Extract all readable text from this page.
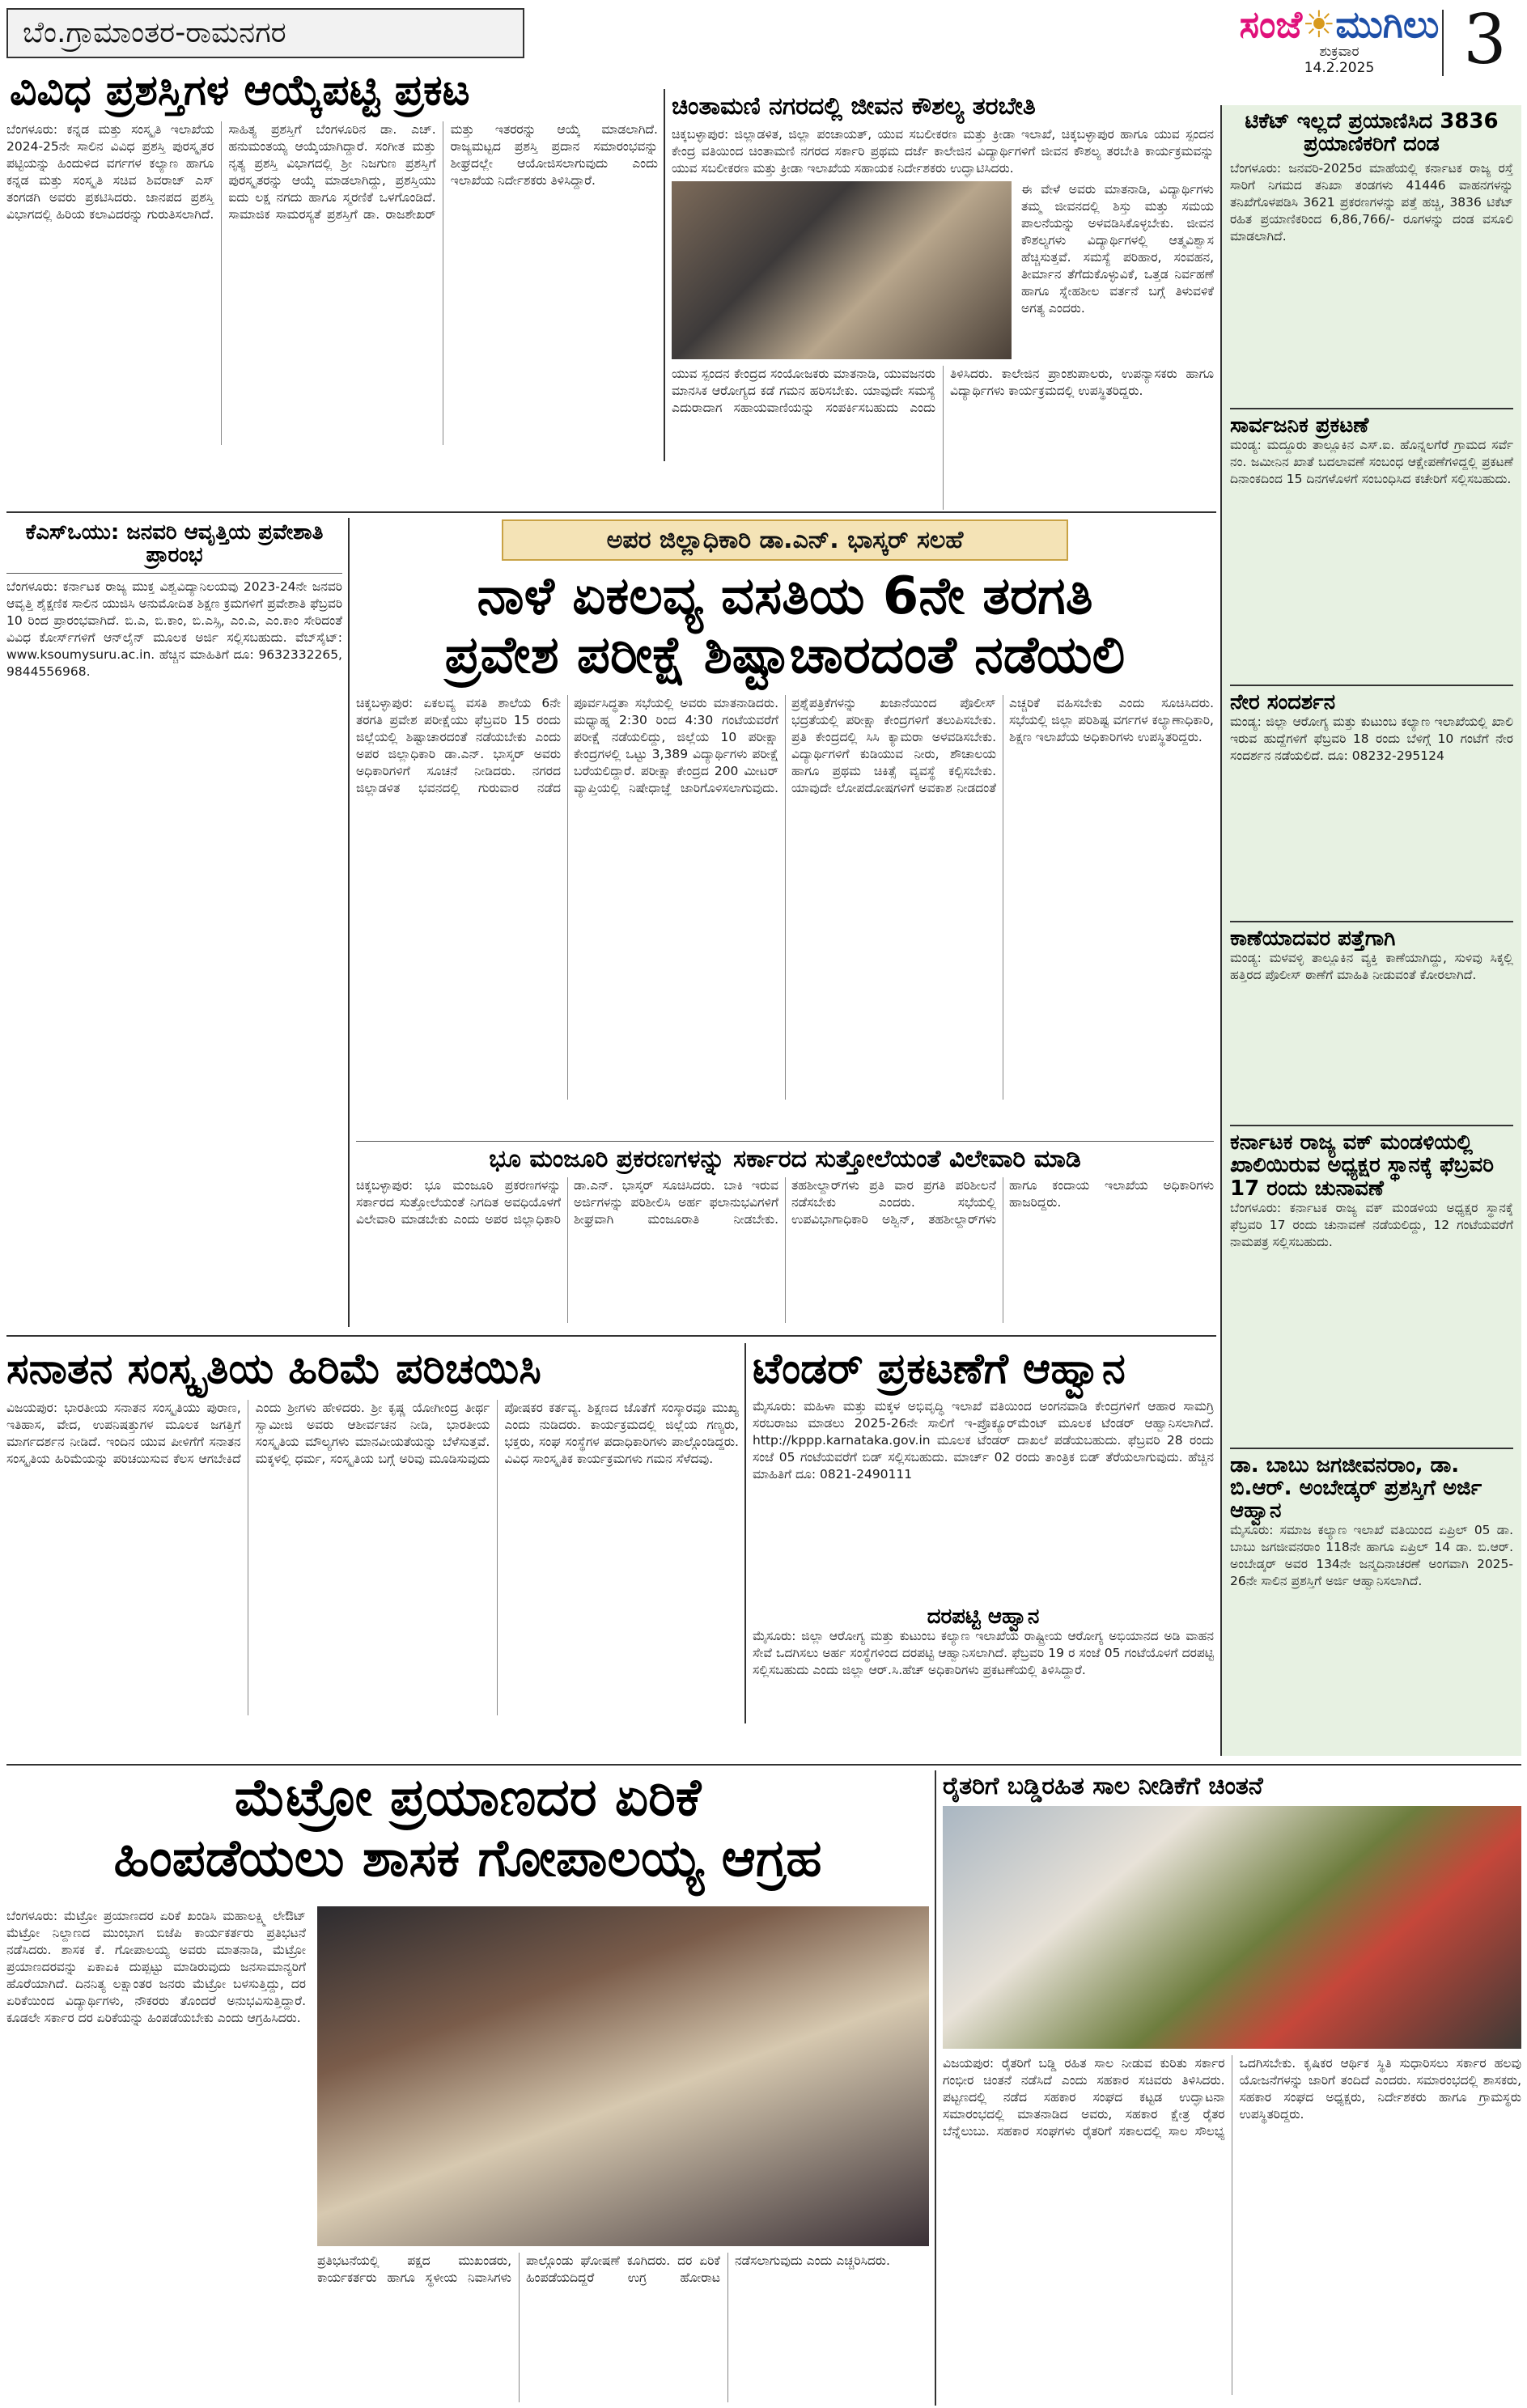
ಬೆಂ.ಗ್ರಾಮಾಂತರ-ರಾಮನಗರ	ಸಂಜೆ☀ಮುಗಿಲು
ಶುಕ್ರವಾರ
14.2.2025	3
ವಿವಿಧ ಪ್ರಶಸ್ತಿಗಳ ಆಯ್ಕೆಪಟ್ಟಿ ಪ್ರಕಟ
ಬೆಂಗಳೂರು: ಕನ್ನಡ ಮತ್ತು ಸಂಸ್ಕೃತಿ ಇಲಾಖೆಯ 2024-25ನೇ ಸಾಲಿನ ವಿವಿಧ ಪ್ರಶಸ್ತಿ ಪುರಸ್ಕೃತರ ಪಟ್ಟಿಯನ್ನು ಹಿಂದುಳಿದ ವರ್ಗಗಳ ಕಲ್ಯಾಣ ಹಾಗೂ ಕನ್ನಡ ಮತ್ತು ಸಂಸ್ಕೃತಿ ಸಚಿವ ಶಿವರಾಜ್ ಎಸ್ ತಂಗಡಗಿ ಅವರು ಪ್ರಕಟಿಸಿದರು. ಜಾನಪದ ಪ್ರಶಸ್ತಿ ವಿಭಾಗದಲ್ಲಿ ಹಿರಿಯ ಕಲಾವಿದರನ್ನು ಗುರುತಿಸಲಾಗಿದೆ. ಸಾಹಿತ್ಯ ಪ್ರಶಸ್ತಿಗೆ ಬೆಂಗಳೂರಿನ ಡಾ. ಎಚ್. ಹನುಮಂತಯ್ಯ ಆಯ್ಕೆಯಾಗಿದ್ದಾರೆ. ಸಂಗೀತ ಮತ್ತು ನೃತ್ಯ ಪ್ರಶಸ್ತಿ ವಿಭಾಗದಲ್ಲಿ ಶ್ರೀ ನಿಜಗುಣ ಪ್ರಶಸ್ತಿಗೆ ಪುರಸ್ಕೃತರನ್ನು ಆಯ್ಕೆ ಮಾಡಲಾಗಿದ್ದು, ಪ್ರಶಸ್ತಿಯು ಐದು ಲಕ್ಷ ನಗದು ಹಾಗೂ ಸ್ಮರಣಿಕೆ ಒಳಗೊಂಡಿದೆ. ಸಾಮಾಜಿಕ ಸಾಮರಸ್ಯತೆ ಪ್ರಶಸ್ತಿಗೆ ಡಾ. ರಾಜಶೇಖರ್ ಮತ್ತು ಇತರರನ್ನು ಆಯ್ಕೆ ಮಾಡಲಾಗಿದೆ. ರಾಜ್ಯಮಟ್ಟದ ಪ್ರಶಸ್ತಿ ಪ್ರದಾನ ಸಮಾರಂಭವನ್ನು ಶೀಘ್ರದಲ್ಲೇ ಆಯೋಜಿಸಲಾಗುವುದು ಎಂದು ಇಲಾಖೆಯ ನಿರ್ದೇಶಕರು ತಿಳಿಸಿದ್ದಾರೆ.
ಚಿಂತಾಮಣಿ ನಗರದಲ್ಲಿ ಜೀವನ ಕೌಶಲ್ಯ ತರಬೇತಿ
ಚಿಕ್ಕಬಳ್ಳಾಪುರ: ಜಿಲ್ಲಾಡಳಿತ, ಜಿಲ್ಲಾ ಪಂಚಾಯತ್, ಯುವ ಸಬಲೀಕರಣ ಮತ್ತು ಕ್ರೀಡಾ ಇಲಾಖೆ, ಚಿಕ್ಕಬಳ್ಳಾಪುರ ಹಾಗೂ ಯುವ ಸ್ಪಂದನ ಕೇಂದ್ರ ವತಿಯಿಂದ ಚಿಂತಾಮಣಿ ನಗರದ ಸರ್ಕಾರಿ ಪ್ರಥಮ ದರ್ಜೆ ಕಾಲೇಜಿನ ವಿದ್ಯಾರ್ಥಿಗಳಿಗೆ ಜೀವನ ಕೌಶಲ್ಯ ತರಬೇತಿ ಕಾರ್ಯಕ್ರಮವನ್ನು ಯುವ ಸಬಲೀಕರಣ ಮತ್ತು ಕ್ರೀಡಾ ಇಲಾಖೆಯ ಸಹಾಯಕ ನಿರ್ದೇಶಕರು ಉದ್ಘಾಟಿಸಿದರು.
ಈ ವೇಳೆ ಅವರು ಮಾತನಾಡಿ, ವಿದ್ಯಾರ್ಥಿಗಳು ತಮ್ಮ ಜೀವನದಲ್ಲಿ ಶಿಸ್ತು ಮತ್ತು ಸಮಯ ಪಾಲನೆಯನ್ನು ಅಳವಡಿಸಿಕೊಳ್ಳಬೇಕು. ಜೀವನ ಕೌಶಲ್ಯಗಳು ವಿದ್ಯಾರ್ಥಿಗಳಲ್ಲಿ ಆತ್ಮವಿಶ್ವಾಸ ಹೆಚ್ಚಿಸುತ್ತವೆ. ಸಮಸ್ಯೆ ಪರಿಹಾರ, ಸಂವಹನ, ತೀರ್ಮಾನ ತೆಗೆದುಕೊಳ್ಳುವಿಕೆ, ಒತ್ತಡ ನಿರ್ವಹಣೆ ಹಾಗೂ ಸ್ನೇಹಶೀಲ ವರ್ತನೆ ಬಗ್ಗೆ ತಿಳುವಳಿಕೆ ಅಗತ್ಯ ಎಂದರು.
ಯುವ ಸ್ಪಂದನ ಕೇಂದ್ರದ ಸಂಯೋಜಕರು ಮಾತನಾಡಿ, ಯುವಜನರು ಮಾನಸಿಕ ಆರೋಗ್ಯದ ಕಡೆ ಗಮನ ಹರಿಸಬೇಕು. ಯಾವುದೇ ಸಮಸ್ಯೆ ಎದುರಾದಾಗ ಸಹಾಯವಾಣಿಯನ್ನು ಸಂಪರ್ಕಿಸಬಹುದು ಎಂದು ತಿಳಿಸಿದರು. ಕಾಲೇಜಿನ ಪ್ರಾಂಶುಪಾಲರು, ಉಪನ್ಯಾಸಕರು ಹಾಗೂ ವಿದ್ಯಾರ್ಥಿಗಳು ಕಾರ್ಯಕ್ರಮದಲ್ಲಿ ಉಪಸ್ಥಿತರಿದ್ದರು.
ಟಿಕೆಟ್ ಇಲ್ಲದೆ ಪ್ರಯಾಣಿಸಿದ 3836 ಪ್ರಯಾಣಿಕರಿಗೆ ದಂಡ
ಬೆಂಗಳೂರು: ಜನವರಿ-2025ರ ಮಾಹೆಯಲ್ಲಿ ಕರ್ನಾಟಕ ರಾಜ್ಯ ರಸ್ತೆ ಸಾರಿಗೆ ನಿಗಮದ ತನಿಖಾ ತಂಡಗಳು 41446 ವಾಹನಗಳನ್ನು ತನಿಖೆಗೊಳಪಡಿಸಿ 3621 ಪ್ರಕರಣಗಳನ್ನು ಪತ್ತೆ ಹಚ್ಚಿ, 3836 ಟಿಕೆಟ್ ರಹಿತ ಪ್ರಯಾಣಿಕರಿಂದ 6,86,766/- ರೂಗಳನ್ನು ದಂಡ ವಸೂಲಿ ಮಾಡಲಾಗಿದೆ.
ಸಾರ್ವಜನಿಕ ಪ್ರಕಟಣೆ
ಮಂಡ್ಯ: ಮದ್ದೂರು ತಾಲ್ಲೂಕಿನ ಎಸ್.ಐ. ಹೊನ್ನಲಗೆರೆ ಗ್ರಾಮದ ಸರ್ವೆ ನಂ. ಜಮೀನಿನ ಖಾತೆ ಬದಲಾವಣೆ ಸಂಬಂಧ ಆಕ್ಷೇಪಣೆಗಳಿದ್ದಲ್ಲಿ ಪ್ರಕಟಣೆ ದಿನಾಂಕದಿಂದ 15 ದಿನಗಳೊಳಗೆ ಸಂಬಂಧಿಸಿದ ಕಚೇರಿಗೆ ಸಲ್ಲಿಸಬಹುದು.
ನೇರ ಸಂದರ್ಶನ
ಮಂಡ್ಯ: ಜಿಲ್ಲಾ ಆರೋಗ್ಯ ಮತ್ತು ಕುಟುಂಬ ಕಲ್ಯಾಣ ಇಲಾಖೆಯಲ್ಲಿ ಖಾಲಿ ಇರುವ ಹುದ್ದೆಗಳಿಗೆ ಫೆಬ್ರವರಿ 18 ರಂದು ಬೆಳಿಗ್ಗೆ 10 ಗಂಟೆಗೆ ನೇರ ಸಂದರ್ಶನ ನಡೆಯಲಿದೆ. ದೂ: 08232-295124
ಕಾಣೆಯಾದವರ ಪತ್ತೆಗಾಗಿ
ಮಂಡ್ಯ: ಮಳವಳ್ಳಿ ತಾಲ್ಲೂಕಿನ ವ್ಯಕ್ತಿ ಕಾಣೆಯಾಗಿದ್ದು, ಸುಳಿವು ಸಿಕ್ಕಲ್ಲಿ ಹತ್ತಿರದ ಪೊಲೀಸ್ ಠಾಣೆಗೆ ಮಾಹಿತಿ ನೀಡುವಂತೆ ಕೋರಲಾಗಿದೆ.
ಕರ್ನಾಟಕ ರಾಜ್ಯ ವಕ್ ಮಂಡಳಿಯಲ್ಲಿ ಖಾಲಿಯಿರುವ ಅಧ್ಯಕ್ಷರ ಸ್ಥಾನಕ್ಕೆ ಫೆಬ್ರವರಿ 17 ರಂದು ಚುನಾವಣೆ
ಬೆಂಗಳೂರು: ಕರ್ನಾಟಕ ರಾಜ್ಯ ವಕ್ ಮಂಡಳಿಯ ಅಧ್ಯಕ್ಷರ ಸ್ಥಾನಕ್ಕೆ ಫೆಬ್ರವರಿ 17 ರಂದು ಚುನಾವಣೆ ನಡೆಯಲಿದ್ದು, 12 ಗಂಟೆಯವರೆಗೆ ನಾಮಪತ್ರ ಸಲ್ಲಿಸಬಹುದು.
ಡಾ. ಬಾಬು ಜಗಜೀವನರಾಂ, ಡಾ. ಬಿ.ಆರ್. ಅಂಬೇಡ್ಕರ್ ಪ್ರಶಸ್ತಿಗೆ ಅರ್ಜಿ ಆಹ್ವಾನ
ಮೈಸೂರು: ಸಮಾಜ ಕಲ್ಯಾಣ ಇಲಾಖೆ ವತಿಯಿಂದ ಏಪ್ರಿಲ್ 05 ಡಾ. ಬಾಬು ಜಗಜೀವನರಾಂ 118ನೇ ಹಾಗೂ ಏಪ್ರಿಲ್ 14 ಡಾ. ಬಿ.ಆರ್. ಅಂಬೇಡ್ಕರ್ ಅವರ 134ನೇ ಜನ್ಮದಿನಾಚರಣೆ ಅಂಗವಾಗಿ 2025-26ನೇ ಸಾಲಿನ ಪ್ರಶಸ್ತಿಗೆ ಅರ್ಜಿ ಆಹ್ವಾನಿಸಲಾಗಿದೆ.
ಕೆಎಸ್ಒಯು: ಜನವರಿ ಆವೃತ್ತಿಯ ಪ್ರವೇಶಾತಿ ಪ್ರಾರಂಭ
ಬೆಂಗಳೂರು: ಕರ್ನಾಟಕ ರಾಜ್ಯ ಮುಕ್ತ ವಿಶ್ವವಿದ್ಯಾನಿಲಯವು 2023-24ನೇ ಜನವರಿ ಆವೃತ್ತಿ ಶೈಕ್ಷಣಿಕ ಸಾಲಿನ ಯುಜಿಸಿ ಅನುಮೋದಿತ ಶಿಕ್ಷಣ ಕ್ರಮಗಳಿಗೆ ಪ್ರವೇಶಾತಿ ಫೆಬ್ರವರಿ 10 ರಿಂದ ಪ್ರಾರಂಭವಾಗಿದೆ. ಬಿ.ಎ, ಬಿ.ಕಾಂ, ಬಿ.ಎಸ್ಸಿ, ಎಂ.ಎ, ಎಂ.ಕಾಂ ಸೇರಿದಂತೆ ವಿವಿಧ ಕೋರ್ಸ್‌ಗಳಿಗೆ ಆನ್‌ಲೈನ್ ಮೂಲಕ ಅರ್ಜಿ ಸಲ್ಲಿಸಬಹುದು. ವೆಬ್‌ಸೈಟ್: www.ksoumysuru.ac.in. ಹೆಚ್ಚಿನ ಮಾಹಿತಿಗೆ ದೂ: 9632332265, 9844556968.
ಅಪರ ಜಿಲ್ಲಾಧಿಕಾರಿ ಡಾ.ಎನ್. ಭಾಸ್ಕರ್ ಸಲಹೆ
ನಾಳೆ ಏಕಲವ್ಯ ವಸತಿಯ 6ನೇ ತರಗತಿ
ಪ್ರವೇಶ ಪರೀಕ್ಷೆ ಶಿಷ್ಟಾಚಾರದಂತೆ ನಡೆಯಲಿ
ಚಿಕ್ಕಬಳ್ಳಾಪುರ: ಏಕಲವ್ಯ ವಸತಿ ಶಾಲೆಯ 6ನೇ ತರಗತಿ ಪ್ರವೇಶ ಪರೀಕ್ಷೆಯು ಫೆಬ್ರವರಿ 15 ರಂದು ಜಿಲ್ಲೆಯಲ್ಲಿ ಶಿಷ್ಟಾಚಾರದಂತೆ ನಡೆಯಬೇಕು ಎಂದು ಅಪರ ಜಿಲ್ಲಾಧಿಕಾರಿ ಡಾ.ಎನ್. ಭಾಸ್ಕರ್ ಅವರು ಅಧಿಕಾರಿಗಳಿಗೆ ಸೂಚನೆ ನೀಡಿದರು. ನಗರದ ಜಿಲ್ಲಾಡಳಿತ ಭವನದಲ್ಲಿ ಗುರುವಾರ ನಡೆದ ಪೂರ್ವಸಿದ್ಧತಾ ಸಭೆಯಲ್ಲಿ ಅವರು ಮಾತನಾಡಿದರು. ಮಧ್ಯಾಹ್ನ 2:30 ರಿಂದ 4:30 ಗಂಟೆಯವರೆಗೆ ಪರೀಕ್ಷೆ ನಡೆಯಲಿದ್ದು, ಜಿಲ್ಲೆಯ 10 ಪರೀಕ್ಷಾ ಕೇಂದ್ರಗಳಲ್ಲಿ ಒಟ್ಟು 3,389 ವಿದ್ಯಾರ್ಥಿಗಳು ಪರೀಕ್ಷೆ ಬರೆಯಲಿದ್ದಾರೆ. ಪರೀಕ್ಷಾ ಕೇಂದ್ರದ 200 ಮೀಟರ್ ವ್ಯಾಪ್ತಿಯಲ್ಲಿ ನಿಷೇಧಾಜ್ಞೆ ಜಾರಿಗೊಳಿಸಲಾಗುವುದು. ಪ್ರಶ್ನೆಪತ್ರಿಕೆಗಳನ್ನು ಖಜಾನೆಯಿಂದ ಪೊಲೀಸ್ ಭದ್ರತೆಯಲ್ಲಿ ಪರೀಕ್ಷಾ ಕೇಂದ್ರಗಳಿಗೆ ತಲುಪಿಸಬೇಕು. ಪ್ರತಿ ಕೇಂದ್ರದಲ್ಲಿ ಸಿಸಿ ಕ್ಯಾಮರಾ ಅಳವಡಿಸಬೇಕು. ವಿದ್ಯಾರ್ಥಿಗಳಿಗೆ ಕುಡಿಯುವ ನೀರು, ಶೌಚಾಲಯ ಹಾಗೂ ಪ್ರಥಮ ಚಿಕಿತ್ಸೆ ವ್ಯವಸ್ಥೆ ಕಲ್ಪಿಸಬೇಕು. ಯಾವುದೇ ಲೋಪದೋಷಗಳಿಗೆ ಅವಕಾಶ ನೀಡದಂತೆ ಎಚ್ಚರಿಕೆ ವಹಿಸಬೇಕು ಎಂದು ಸೂಚಿಸಿದರು. ಸಭೆಯಲ್ಲಿ ಜಿಲ್ಲಾ ಪರಿಶಿಷ್ಟ ವರ್ಗಗಳ ಕಲ್ಯಾಣಾಧಿಕಾರಿ, ಶಿಕ್ಷಣ ಇಲಾಖೆಯ ಅಧಿಕಾರಿಗಳು ಉಪಸ್ಥಿತರಿದ್ದರು.
ಭೂ ಮಂಜೂರಿ ಪ್ರಕರಣಗಳನ್ನು ಸರ್ಕಾರದ ಸುತ್ತೋಲೆಯಂತೆ ವಿಲೇವಾರಿ ಮಾಡಿ
ಚಿಕ್ಕಬಳ್ಳಾಪುರ: ಭೂ ಮಂಜೂರಿ ಪ್ರಕರಣಗಳನ್ನು ಸರ್ಕಾರದ ಸುತ್ತೋಲೆಯಂತೆ ನಿಗದಿತ ಅವಧಿಯೊಳಗೆ ವಿಲೇವಾರಿ ಮಾಡಬೇಕು ಎಂದು ಅಪರ ಜಿಲ್ಲಾಧಿಕಾರಿ ಡಾ.ಎನ್. ಭಾಸ್ಕರ್ ಸೂಚಿಸಿದರು. ಬಾಕಿ ಇರುವ ಅರ್ಜಿಗಳನ್ನು ಪರಿಶೀಲಿಸಿ ಅರ್ಹ ಫಲಾನುಭವಿಗಳಿಗೆ ಶೀಘ್ರವಾಗಿ ಮಂಜೂರಾತಿ ನೀಡಬೇಕು. ತಹಶೀಲ್ದಾರ್‌ಗಳು ಪ್ರತಿ ವಾರ ಪ್ರಗತಿ ಪರಿಶೀಲನೆ ನಡೆಸಬೇಕು ಎಂದರು. ಸಭೆಯಲ್ಲಿ ಉಪವಿಭಾಗಾಧಿಕಾರಿ ಅಶ್ವಿನ್, ತಹಶೀಲ್ದಾರ್‌ಗಳು ಹಾಗೂ ಕಂದಾಯ ಇಲಾಖೆಯ ಅಧಿಕಾರಿಗಳು ಹಾಜರಿದ್ದರು.
ಸನಾತನ ಸಂಸ್ಕೃತಿಯ ಹಿರಿಮೆ ಪರಿಚಯಿಸಿ
ವಿಜಯಪುರ: ಭಾರತೀಯ ಸನಾತನ ಸಂಸ್ಕೃತಿಯು ಪುರಾಣ, ಇತಿಹಾಸ, ವೇದ, ಉಪನಿಷತ್ತುಗಳ ಮೂಲಕ ಜಗತ್ತಿಗೆ ಮಾರ್ಗದರ್ಶನ ನೀಡಿದೆ. ಇಂದಿನ ಯುವ ಪೀಳಿಗೆಗೆ ಸನಾತನ ಸಂಸ್ಕೃತಿಯ ಹಿರಿಮೆಯನ್ನು ಪರಿಚಯಿಸುವ ಕೆಲಸ ಆಗಬೇಕಿದೆ ಎಂದು ಶ್ರೀಗಳು ಹೇಳಿದರು. ಶ್ರೀ ಕೃಷ್ಣ ಯೋಗೀಂದ್ರ ತೀರ್ಥ ಸ್ವಾಮೀಜಿ ಅವರು ಆಶೀರ್ವಚನ ನೀಡಿ, ಭಾರತೀಯ ಸಂಸ್ಕೃತಿಯ ಮೌಲ್ಯಗಳು ಮಾನವೀಯತೆಯನ್ನು ಬೆಳೆಸುತ್ತವೆ. ಮಕ್ಕಳಲ್ಲಿ ಧರ್ಮ, ಸಂಸ್ಕೃತಿಯ ಬಗ್ಗೆ ಅರಿವು ಮೂಡಿಸುವುದು ಪೋಷಕರ ಕರ್ತವ್ಯ. ಶಿಕ್ಷಣದ ಜೊತೆಗೆ ಸಂಸ್ಕಾರವೂ ಮುಖ್ಯ ಎಂದು ನುಡಿದರು. ಕಾರ್ಯಕ್ರಮದಲ್ಲಿ ಜಿಲ್ಲೆಯ ಗಣ್ಯರು, ಭಕ್ತರು, ಸಂಘ ಸಂಸ್ಥೆಗಳ ಪದಾಧಿಕಾರಿಗಳು ಪಾಲ್ಗೊಂಡಿದ್ದರು. ವಿವಿಧ ಸಾಂಸ್ಕೃತಿಕ ಕಾರ್ಯಕ್ರಮಗಳು ಗಮನ ಸೆಳೆದವು.
ಟೆಂಡರ್ ಪ್ರಕಟಣೆಗೆ ಆಹ್ವಾನ
ಮೈಸೂರು: ಮಹಿಳಾ ಮತ್ತು ಮಕ್ಕಳ ಅಭಿವೃದ್ಧಿ ಇಲಾಖೆ ವತಿಯಿಂದ ಅಂಗನವಾಡಿ ಕೇಂದ್ರಗಳಿಗೆ ಆಹಾರ ಸಾಮಗ್ರಿ ಸರಬರಾಜು ಮಾಡಲು 2025-26ನೇ ಸಾಲಿಗೆ ಇ-ಪ್ರೊಕ್ಯೂರ್‌ಮೆಂಟ್ ಮೂಲಕ ಟೆಂಡರ್ ಆಹ್ವಾನಿಸಲಾಗಿದೆ. http://kppp.karnataka.gov.in ಮೂಲಕ ಟೆಂಡರ್ ದಾಖಲೆ ಪಡೆಯಬಹುದು. ಫೆಬ್ರವರಿ 28 ರಂದು ಸಂಜೆ 05 ಗಂಟೆಯವರೆಗೆ ಬಿಡ್ ಸಲ್ಲಿಸಬಹುದು. ಮಾರ್ಚ್ 02 ರಂದು ತಾಂತ್ರಿಕ ಬಿಡ್ ತೆರೆಯಲಾಗುವುದು. ಹೆಚ್ಚಿನ ಮಾಹಿತಿಗೆ ದೂ: 0821-2490111
ದರಪಟ್ಟಿ ಆಹ್ವಾನ
ಮೈಸೂರು: ಜಿಲ್ಲಾ ಆರೋಗ್ಯ ಮತ್ತು ಕುಟುಂಬ ಕಲ್ಯಾಣ ಇಲಾಖೆಯ ರಾಷ್ಟ್ರೀಯ ಆರೋಗ್ಯ ಅಭಿಯಾನದ ಅಡಿ ವಾಹನ ಸೇವೆ ಒದಗಿಸಲು ಅರ್ಹ ಸಂಸ್ಥೆಗಳಿಂದ ದರಪಟ್ಟಿ ಆಹ್ವಾನಿಸಲಾಗಿದೆ. ಫೆಬ್ರವರಿ 19 ರ ಸಂಜೆ 05 ಗಂಟೆಯೊಳಗೆ ದರಪಟ್ಟಿ ಸಲ್ಲಿಸಬಹುದು ಎಂದು ಜಿಲ್ಲಾ ಆರ್.ಸಿ.ಹೆಚ್ ಅಧಿಕಾರಿಗಳು ಪ್ರಕಟಣೆಯಲ್ಲಿ ತಿಳಿಸಿದ್ದಾರೆ.
ಮೆಟ್ರೋ ಪ್ರಯಾಣದರ ಏರಿಕೆ
ಹಿಂಪಡೆಯಲು ಶಾಸಕ ಗೋಪಾಲಯ್ಯ ಆಗ್ರಹ
ಬೆಂಗಳೂರು: ಮೆಟ್ರೋ ಪ್ರಯಾಣದರ ಏರಿಕೆ ಖಂಡಿಸಿ ಮಹಾಲಕ್ಷ್ಮಿ ಲೇಔಟ್ ಮೆಟ್ರೋ ನಿಲ್ದಾಣದ ಮುಂಭಾಗ ಬಿಜೆಪಿ ಕಾರ್ಯಕರ್ತರು ಪ್ರತಿಭಟನೆ ನಡೆಸಿದರು. ಶಾಸಕ ಕೆ. ಗೋಪಾಲಯ್ಯ ಅವರು ಮಾತನಾಡಿ, ಮೆಟ್ರೋ ಪ್ರಯಾಣದರವನ್ನು ಏಕಾಏಕಿ ದುಪ್ಪಟ್ಟು ಮಾಡಿರುವುದು ಜನಸಾಮಾನ್ಯರಿಗೆ ಹೊರೆಯಾಗಿದೆ. ದಿನನಿತ್ಯ ಲಕ್ಷಾಂತರ ಜನರು ಮೆಟ್ರೋ ಬಳಸುತ್ತಿದ್ದು, ದರ ಏರಿಕೆಯಿಂದ ವಿದ್ಯಾರ್ಥಿಗಳು, ನೌಕರರು ತೊಂದರೆ ಅನುಭವಿಸುತ್ತಿದ್ದಾರೆ. ಕೂಡಲೇ ಸರ್ಕಾರ ದರ ಏರಿಕೆಯನ್ನು ಹಿಂಪಡೆಯಬೇಕು ಎಂದು ಆಗ್ರಹಿಸಿದರು.
ಪ್ರತಿಭಟನೆಯಲ್ಲಿ ಪಕ್ಷದ ಮುಖಂಡರು, ಕಾರ್ಯಕರ್ತರು ಹಾಗೂ ಸ್ಥಳೀಯ ನಿವಾಸಿಗಳು ಪಾಲ್ಗೊಂಡು ಘೋಷಣೆ ಕೂಗಿದರು. ದರ ಏರಿಕೆ ಹಿಂಪಡೆಯದಿದ್ದರೆ ಉಗ್ರ ಹೋರಾಟ ನಡೆಸಲಾಗುವುದು ಎಂದು ಎಚ್ಚರಿಸಿದರು.
ರೈತರಿಗೆ ಬಡ್ಡಿರಹಿತ ಸಾಲ ನೀಡಿಕೆಗೆ ಚಿಂತನೆ
ವಿಜಯಪುರ: ರೈತರಿಗೆ ಬಡ್ಡಿ ರಹಿತ ಸಾಲ ನೀಡುವ ಕುರಿತು ಸರ್ಕಾರ ಗಂಭೀರ ಚಿಂತನೆ ನಡೆಸಿದೆ ಎಂದು ಸಹಕಾರ ಸಚಿವರು ತಿಳಿಸಿದರು. ಪಟ್ಟಣದಲ್ಲಿ ನಡೆದ ಸಹಕಾರ ಸಂಘದ ಕಟ್ಟಡ ಉದ್ಘಾಟನಾ ಸಮಾರಂಭದಲ್ಲಿ ಮಾತನಾಡಿದ ಅವರು, ಸಹಕಾರ ಕ್ಷೇತ್ರ ರೈತರ ಬೆನ್ನೆಲುಬು. ಸಹಕಾರ ಸಂಘಗಳು ರೈತರಿಗೆ ಸಕಾಲದಲ್ಲಿ ಸಾಲ ಸೌಲಭ್ಯ ಒದಗಿಸಬೇಕು. ಕೃಷಿಕರ ಆರ್ಥಿಕ ಸ್ಥಿತಿ ಸುಧಾರಿಸಲು ಸರ್ಕಾರ ಹಲವು ಯೋಜನೆಗಳನ್ನು ಜಾರಿಗೆ ತಂದಿದೆ ಎಂದರು. ಸಮಾರಂಭದಲ್ಲಿ ಶಾಸಕರು, ಸಹಕಾರ ಸಂಘದ ಅಧ್ಯಕ್ಷರು, ನಿರ್ದೇಶಕರು ಹಾಗೂ ಗ್ರಾಮಸ್ಥರು ಉಪಸ್ಥಿತರಿದ್ದರು.
